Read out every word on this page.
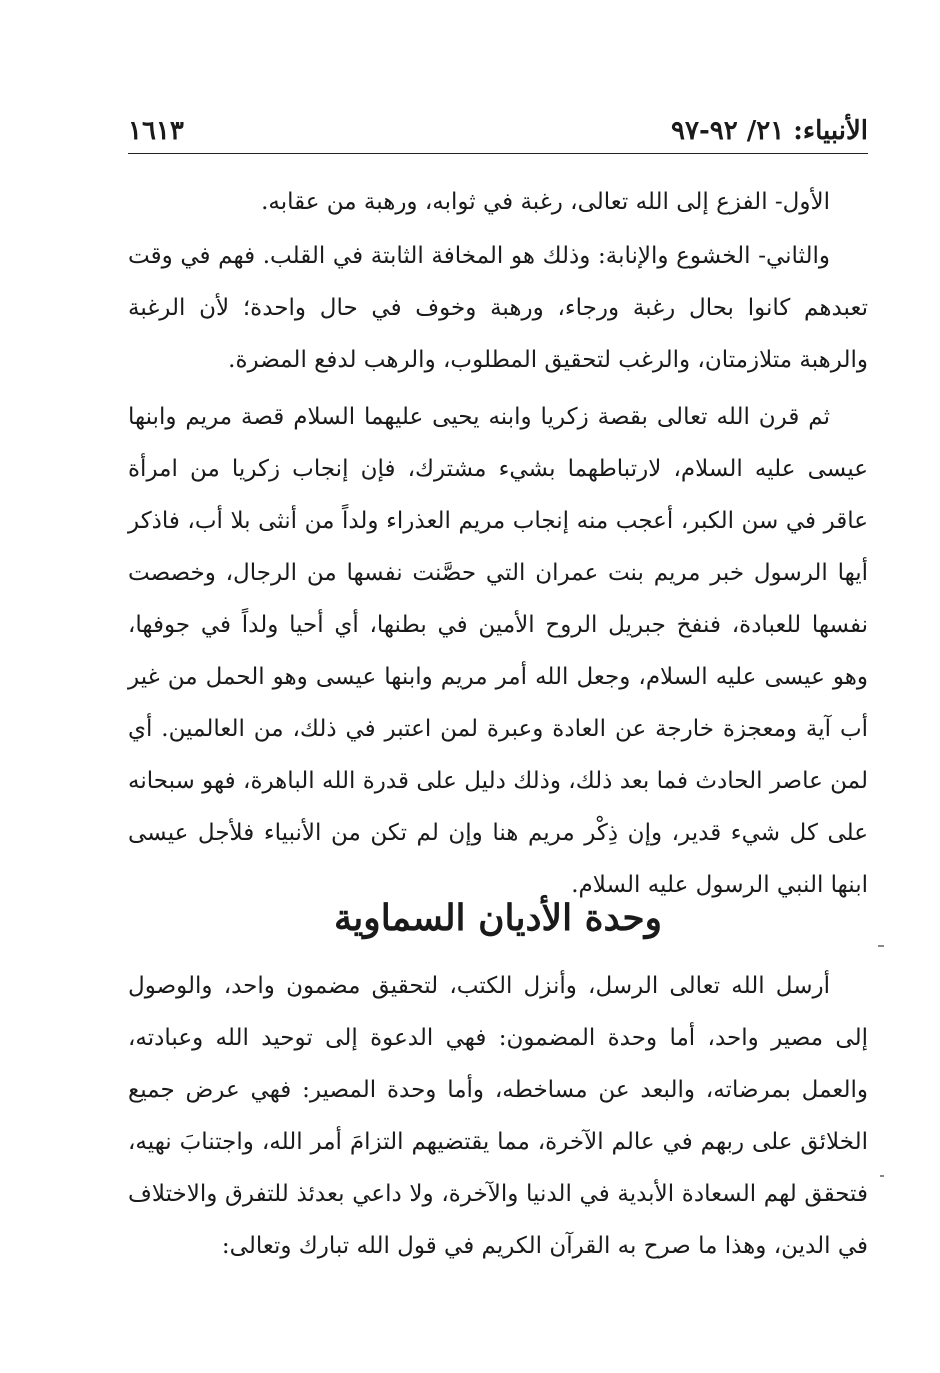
الأنبياء: ٢١/ ٩٢-٩٧
١٦١٣

الأول- الفزع إلى الله تعالى، رغبة في ثوابه، ورهبة من عقابه.

والثاني- الخشوع والإنابة: وذلك هو المخافة الثابتة في القلب. فهم في وقت تعبدهم كانوا بحال رغبة ورجاء، ورهبة وخوف في حال واحدة؛ لأن الرغبة والرهبة متلازمتان، والرغب لتحقيق المطلوب، والرهب لدفع المضرة.

ثم قرن الله تعالى بقصة زكريا وابنه يحيى عليهما السلام قصة مريم وابنها عيسى عليه السلام، لارتباطهما بشيء مشترك، فإن إنجاب زكريا من امرأة عاقر في سن الكبر، أعجب منه إنجاب مريم العذراء ولداً من أنثى بلا أب، فاذكر أيها الرسول خبر مريم بنت عمران التي حصَّنت نفسها من الرجال، وخصصت نفسها للعبادة، فنفخ جبريل الروح الأمين في بطنها، أي أحيا ولداً في جوفها، وهو عيسى عليه السلام، وجعل الله أمر مريم وابنها عيسى وهو الحمل من غير أب آية ومعجزة خارجة عن العادة وعبرة لمن اعتبر في ذلك، من العالمين. أي لمن عاصر الحادث فما بعد ذلك، وذلك دليل على قدرة الله الباهرة، فهو سبحانه على كل شيء قدير، وإن ذِكْر مريم هنا وإن لم تكن من الأنبياء فلأجل عيسى ابنها النبي الرسول عليه السلام.

وحدة الأديان السماوية

أرسل الله تعالى الرسل، وأنزل الكتب، لتحقيق مضمون واحد، والوصول إلى مصير واحد، أما وحدة المضمون: فهي الدعوة إلى توحيد الله وعبادته، والعمل بمرضاته، والبعد عن مساخطه، وأما وحدة المصير: فهي عرض جميع الخلائق على ربهم في عالم الآخرة، مما يقتضيهم التزامَ أمر الله، واجتنابَ نهيه، فتحقق لهم السعادة الأبدية في الدنيا والآخرة، ولا داعي بعدئذ للتفرق والاختلاف في الدين، وهذا ما صرح به القرآن الكريم في قول الله تبارك وتعالى:
